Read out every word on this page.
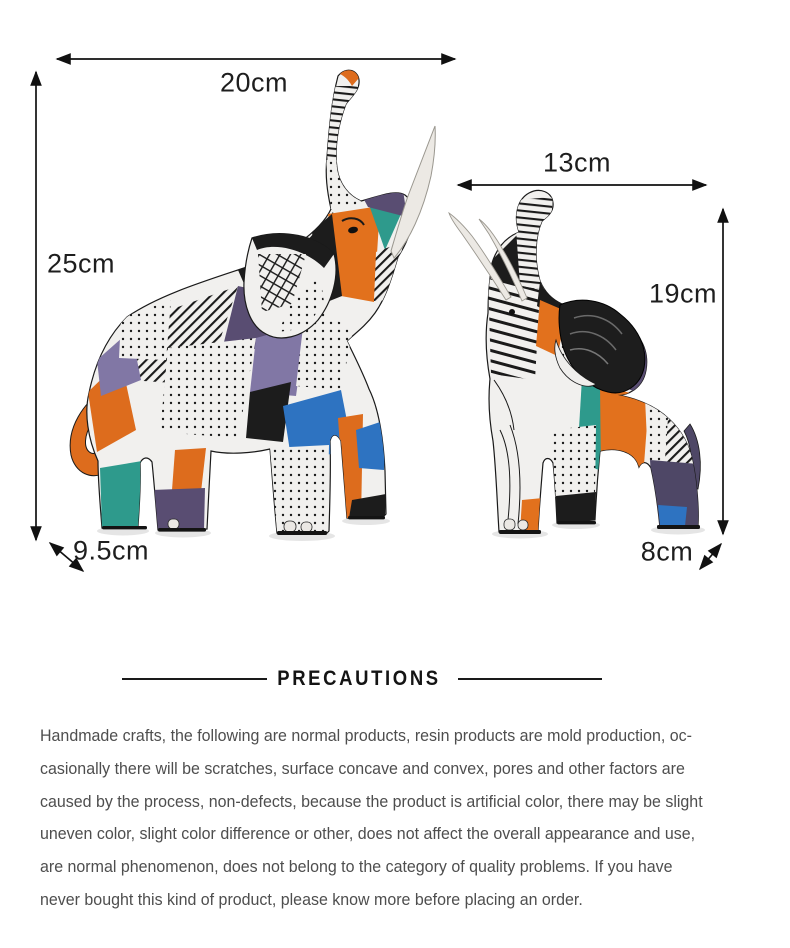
20cm
25cm
9.5cm
13cm
19cm
8cm
PRECAUTIONS
Handmade crafts, the following are normal products, resin products are mold production, oc-
casionally there will be scratches, surface concave and convex, pores and other factors are
caused by the process, non-defects, because the product is artificial color, there may be slight
uneven color, slight color difference or other, does not affect the overall appearance and use,
are normal phenomenon, does not belong to the category of quality problems. If you have
never bought this kind of product, please know more before placing an order.
